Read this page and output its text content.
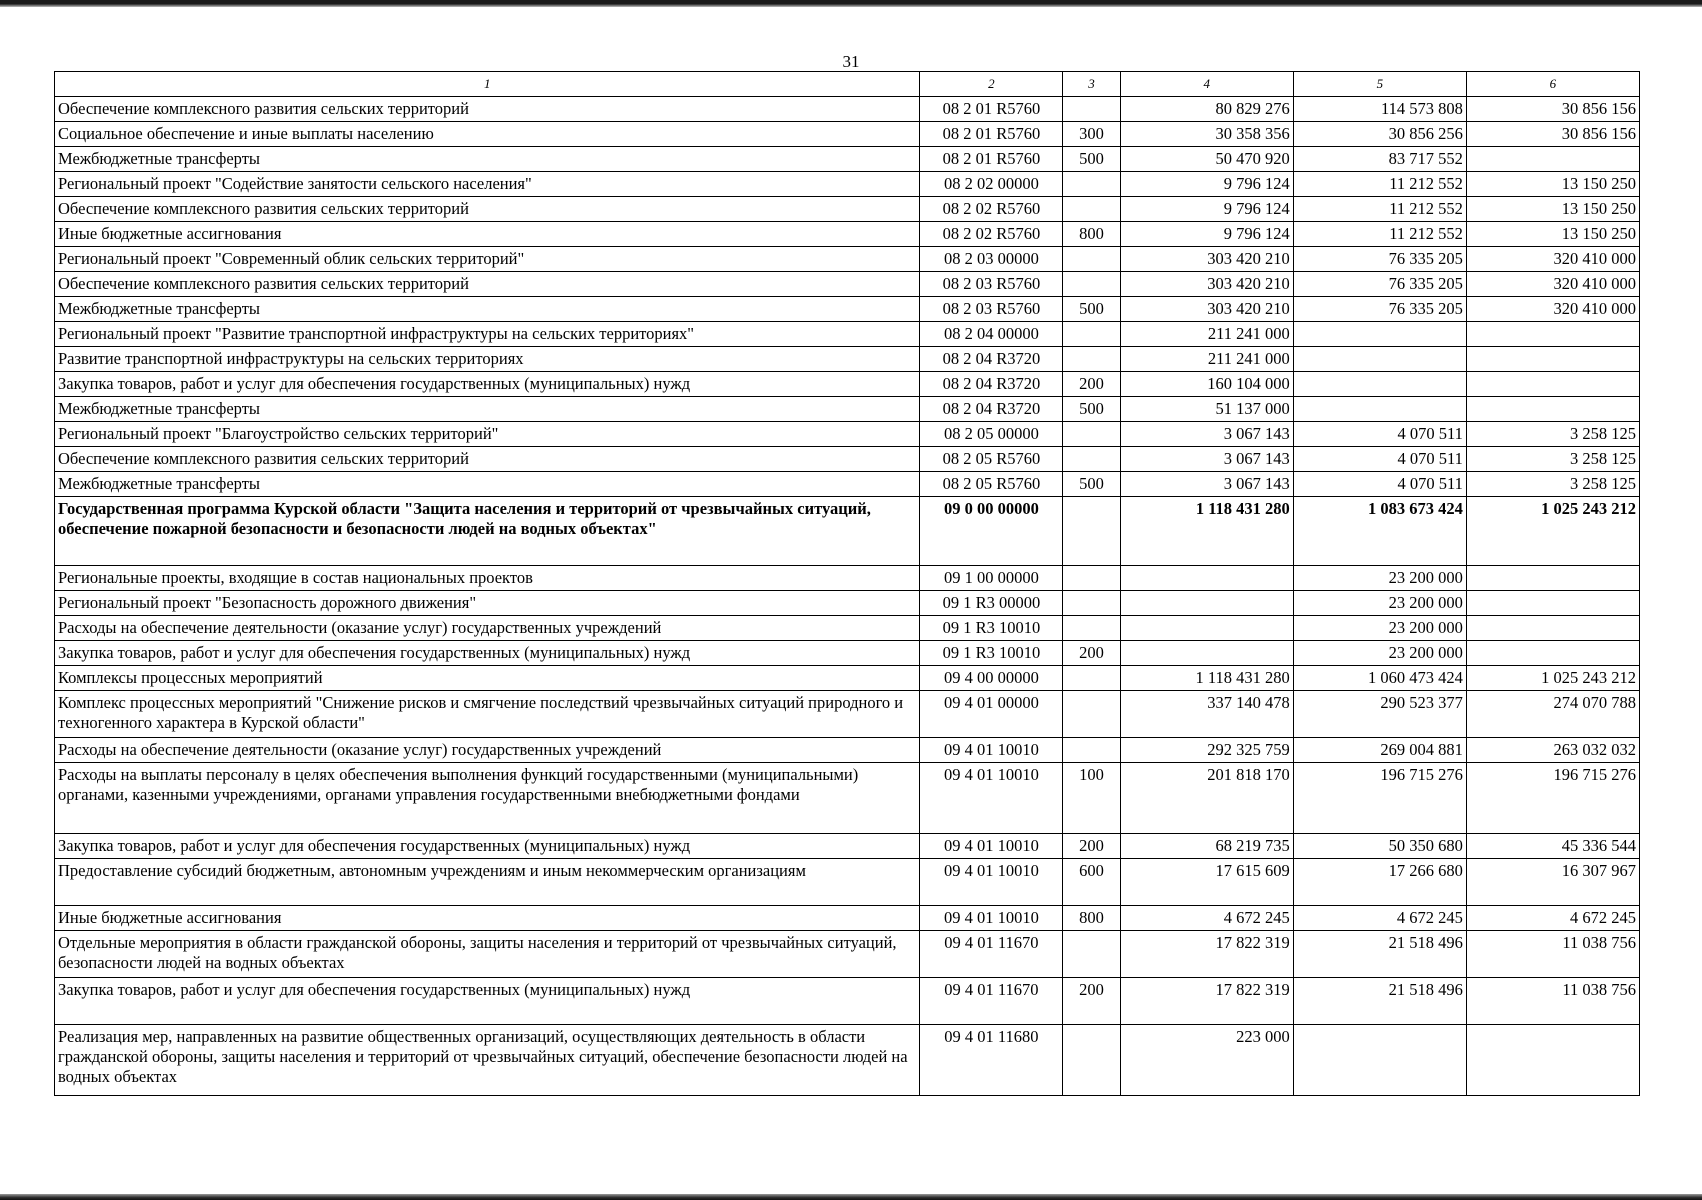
31
1	2	3	4	5	6
Обеспечение комплексного развития сельских территорий	08 2 01 R5760		80 829 276	114 573 808	30 856 156
Социальное обеспечение и иные выплаты населению	08 2 01 R5760	300	30 358 356	30 856 256	30 856 156
Межбюджетные трансферты	08 2 01 R5760	500	50 470 920	83 717 552	
Региональный проект "Содействие занятости сельского населения"	08 2 02 00000		9 796 124	11 212 552	13 150 250
Обеспечение комплексного развития сельских территорий	08 2 02 R5760		9 796 124	11 212 552	13 150 250
Иные бюджетные ассигнования	08 2 02 R5760	800	9 796 124	11 212 552	13 150 250
Региональный проект "Современный облик сельских территорий"	08 2 03 00000		303 420 210	76 335 205	320 410 000
Обеспечение комплексного развития сельских территорий	08 2 03 R5760		303 420 210	76 335 205	320 410 000
Межбюджетные трансферты	08 2 03 R5760	500	303 420 210	76 335 205	320 410 000
Региональный проект "Развитие транспортной инфраструктуры на сельских территориях"	08 2 04 00000		211 241 000		
Развитие транспортной инфраструктуры на сельских территориях	08 2 04 R3720		211 241 000		
Закупка товаров, работ и услуг для обеспечения государственных (муниципальных) нужд	08 2 04 R3720	200	160 104 000		
Межбюджетные трансферты	08 2 04 R3720	500	51 137 000		
Региональный проект "Благоустройство сельских территорий"	08 2 05 00000		3 067 143	4 070 511	3 258 125
Обеспечение комплексного развития сельских территорий	08 2 05 R5760		3 067 143	4 070 511	3 258 125
Межбюджетные трансферты	08 2 05 R5760	500	3 067 143	4 070 511	3 258 125
Государственная программа Курской области "Защита населения и территорий от чрезвычайных ситуаций, обеспечение пожарной безопасности и безопасности людей на водных объектах"	09 0 00 00000		1 118 431 280	1 083 673 424	1 025 243 212
Региональные проекты, входящие в состав национальных проектов	09 1 00 00000			23 200 000	
Региональный проект "Безопасность дорожного движения"	09 1 R3 00000			23 200 000	
Расходы на обеспечение деятельности (оказание услуг) государственных учреждений	09 1 R3 10010			23 200 000	
Закупка товаров, работ и услуг для обеспечения государственных (муниципальных) нужд	09 1 R3 10010	200		23 200 000	
Комплексы процессных мероприятий	09 4 00 00000		1 118 431 280	1 060 473 424	1 025 243 212
Комплекс процессных мероприятий "Снижение рисков и смягчение последствий чрезвычайных ситуаций природного и техногенного характера в Курской области"	09 4 01 00000		337 140 478	290 523 377	274 070 788
Расходы на обеспечение деятельности (оказание услуг) государственных учреждений	09 4 01 10010		292 325 759	269 004 881	263 032 032
Расходы на выплаты персоналу в целях обеспечения выполнения функций государственными (муниципальными) органами, казенными учреждениями, органами управления государственными внебюджетными фондами	09 4 01 10010	100	201 818 170	196 715 276	196 715 276
Закупка товаров, работ и услуг для обеспечения государственных (муниципальных) нужд	09 4 01 10010	200	68 219 735	50 350 680	45 336 544
Предоставление субсидий бюджетным, автономным учреждениям и иным некоммерческим организациям	09 4 01 10010	600	17 615 609	17 266 680	16 307 967
Иные бюджетные ассигнования	09 4 01 10010	800	4 672 245	4 672 245	4 672 245
Отдельные мероприятия в области гражданской обороны, защиты населения и территорий от чрезвычайных ситуаций, безопасности людей на водных объектах	09 4 01 11670		17 822 319	21 518 496	11 038 756
Закупка товаров, работ и услуг для обеспечения государственных (муниципальных) нужд	09 4 01 11670	200	17 822 319	21 518 496	11 038 756
Реализация мер, направленных на развитие общественных организаций, осуществляющих деятельность в области гражданской обороны, защиты населения и территорий от чрезвычайных ситуаций, обеспечение безопасности людей на водных объектах	09 4 01 11680		223 000		
